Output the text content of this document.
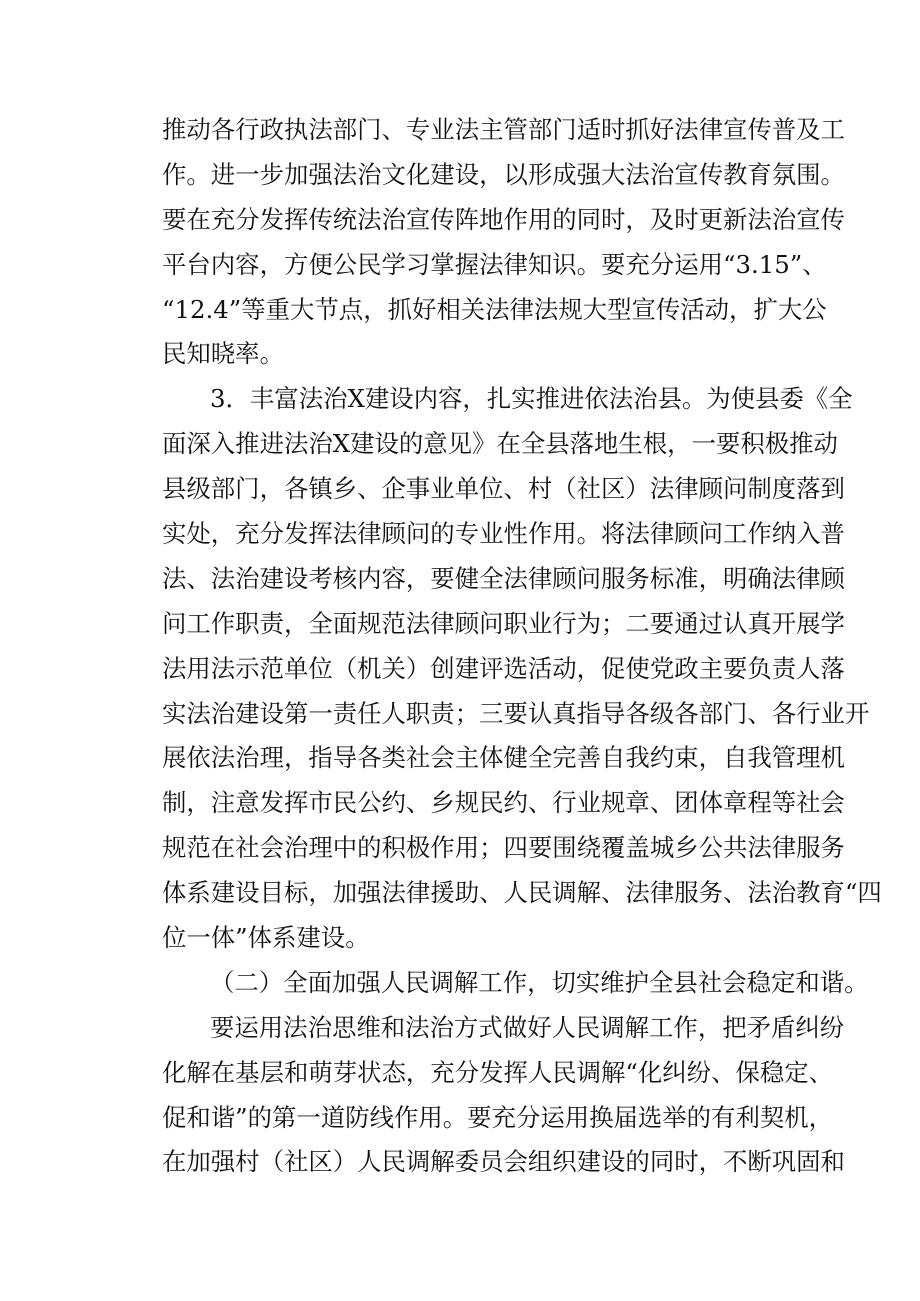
推动各行政执法部门、专业法主管部门适时抓好法律宣传普及工
作。进一步加强法治文化建设，以形成强大法治宣传教育氛围。
要在充分发挥传统法治宣传阵地作用的同时，及时更新法治宣传
平台内容，方便公民学习掌握法律知识。要充分运用“3.15”、
“12.4”等重大节点，抓好相关法律法规大型宣传活动，扩大公
民知晓率。
3．丰富法治X建设内容，扎实推进依法治县。为使县委《全
面深入推进法治X建设的意见》在全县落地生根，一要积极推动
县级部门，各镇乡、企事业单位、村（社区）法律顾问制度落到
实处，充分发挥法律顾问的专业性作用。将法律顾问工作纳入普
法、法治建设考核内容，要健全法律顾问服务标准，明确法律顾
问工作职责，全面规范法律顾问职业行为；二要通过认真开展学
法用法示范单位（机关）创建评选活动，促使党政主要负责人落
实法治建设第一责任人职责；三要认真指导各级各部门、各行业开
展依法治理，指导各类社会主体健全完善自我约束，自我管理机
制，注意发挥市民公约、乡规民约、行业规章、团体章程等社会
规范在社会治理中的积极作用；四要围绕覆盖城乡公共法律服务
体系建设目标，加强法律援助、人民调解、法律服务、法治教育“四
位一体”体系建设。
（二）全面加强人民调解工作，切实维护全县社会稳定和谐。
要运用法治思维和法治方式做好人民调解工作，把矛盾纠纷
化解在基层和萌芽状态，充分发挥人民调解“化纠纷、保稳定、
促和谐”的第一道防线作用。要充分运用换届选举的有利契机，
在加强村（社区）人民调解委员会组织建设的同时，不断巩固和
